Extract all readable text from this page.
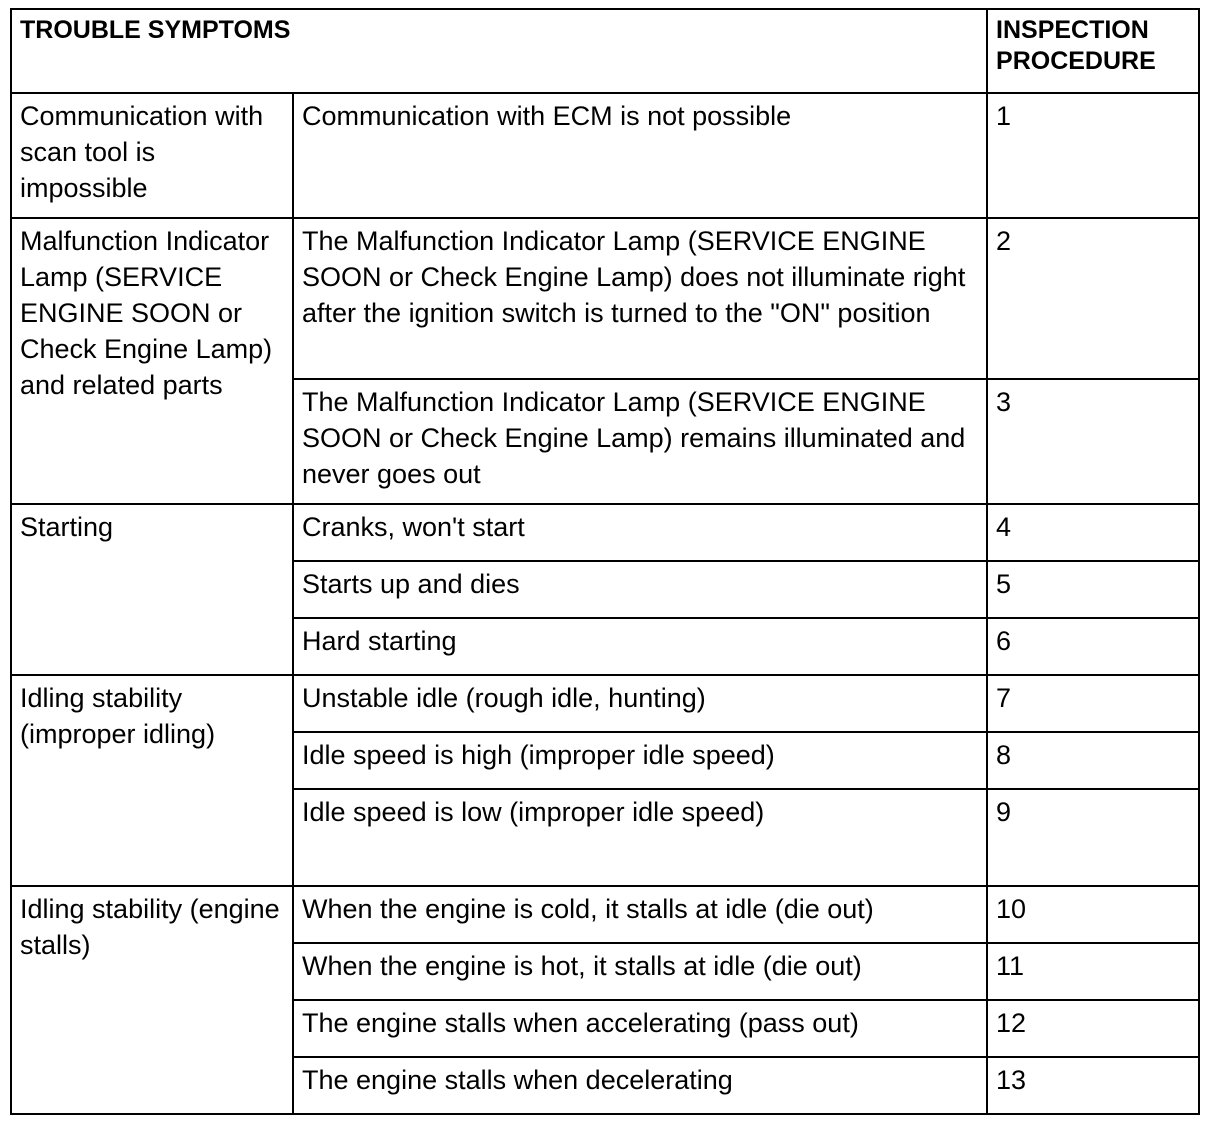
TROUBLE SYMPTOMS		INSPECTION
PROCEDURE
Communication with scan tool is impossible	Communication with ECM is not possible	1
Malfunction Indicator Lamp (SERVICE ENGINE SOON or Check Engine Lamp) and related parts	The Malfunction Indicator Lamp (SERVICE ENGINE SOON or Check Engine Lamp) does not illuminate right after the ignition switch is turned to the "ON" position	2
	The Malfunction Indicator Lamp (SERVICE ENGINE SOON or Check Engine Lamp) remains illuminated and never goes out	3
Starting	Cranks, won't start	4
	Starts up and dies	5
	Hard starting	6
Idling stability (improper idling)	Unstable idle (rough idle, hunting)	7
	Idle speed is high (improper idle speed)	8
	Idle speed is low (improper idle speed)	9
Idling stability (engine stalls)	When the engine is cold, it stalls at idle (die out)	10
	When the engine is hot, it stalls at idle (die out)	11
	The engine stalls when accelerating (pass out)	12
	The engine stalls when decelerating	13
